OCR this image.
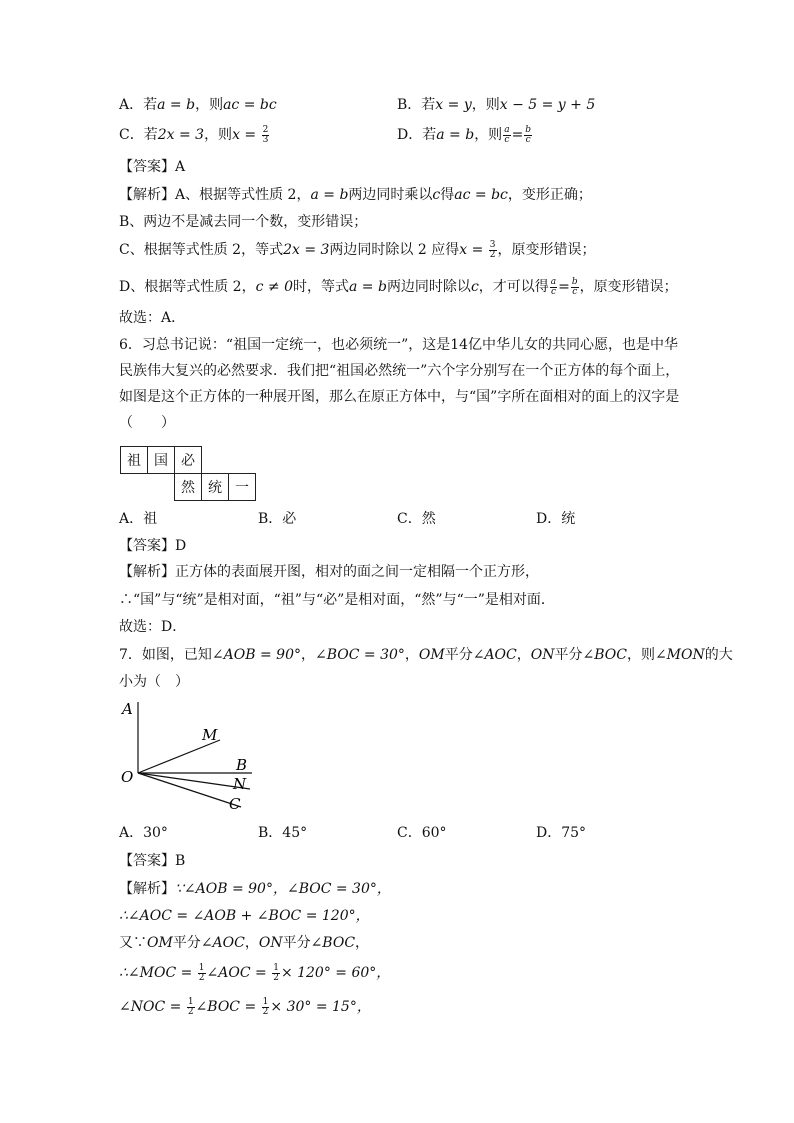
A．若a = b，则ac = bc	B．若x = y，则x − 5 = y + 5
C．若2x = 3，则$x = \frac{2}{3}$	D．若a = b，则 $\frac{a}{c} = \frac{b}{c}$
【答案】A
【解析】A、根据等式性质 2，a = b两边同时乘以c得ac = bc，变形正确；
B、两边不是减去同一个数，变形错误；
C、根据等式性质 2，等式2x = 3两边同时除以 2 应得$x = \frac{3}{2}$ ，原变形错误；
D、根据等式性质 2，c ≠ 0时，等式a = b两边同时除以c，才可以得 $\frac{a}{c} = \frac{b}{c}$ ，原变形错误；
故选：A．
6．习总书记说：“祖国一定统一，也必须统一”，这是14亿中华儿女的共同心愿，也是中华
民族伟大复兴的必然要求．我们把“祖国必然统一”六个字分别写在一个正方体的每个面上，
如图是这个正方体的一种展开图，那么在原正方体中，与“国”字所在面相对的面上的汉字是
（　　）
祖	国	必		
		然	统	一
A．祖	B．必	C．然	D．统
【答案】D
【解析】正方体的表面展开图，相对的面之间一定相隔一个正方形，
∴“国”与“统”是相对面，“祖”与“必”是相对面，“然”与“一”是相对面．
故选：D．
7．如图，已知∠AOB = 90°，∠BOC = 30°，OM平分∠AOC，ON平分∠BOC，则∠MON的大
小为（　）
A
M
B
N
C
O
A．30°	B．45°	C．60°	D．75°
【答案】B
【解析】∵∠AOB = 90°，∠BOC = 30°，
∴∠AOC = ∠AOB + ∠BOC = 120°，
又∵OM平分∠AOC，ON平分∠BOC，
∴∠MOC = $\frac{1}{2}$ ∠AOC = $\frac{1}{2} \times 120^\circ = 60^\circ$，
∠NOC = $\frac{1}{2}$ ∠BOC = $\frac{1}{2} \times 30^\circ = 15^\circ$，
